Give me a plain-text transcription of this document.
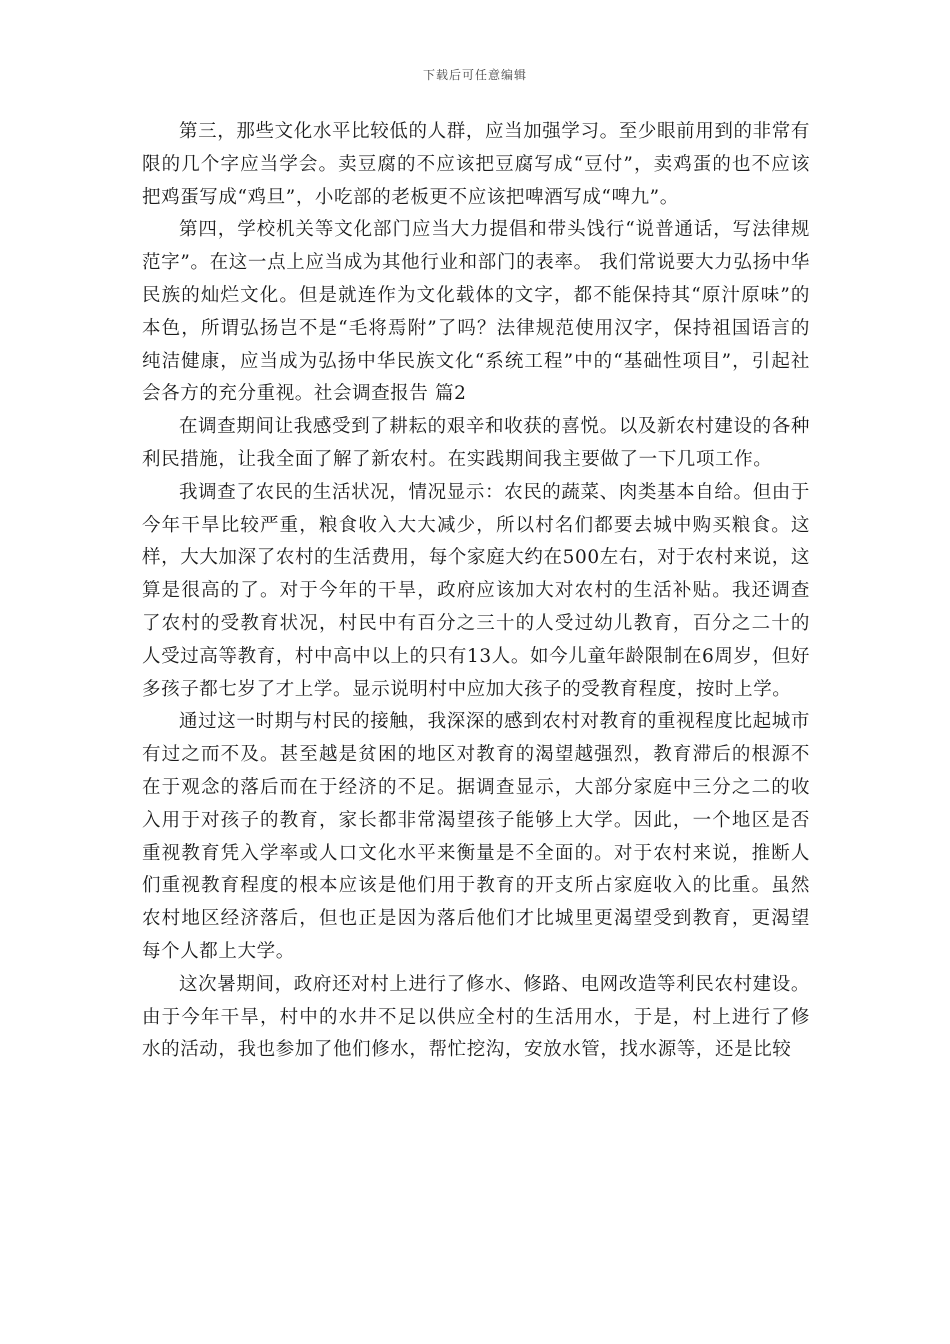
下载后可任意编辑

第三，那些文化水平比较低的人群，应当加强学习。至少眼前用到的非常有限的几个字应当学会。卖豆腐的不应该把豆腐写成“豆付”，卖鸡蛋的也不应该把鸡蛋写成“鸡旦”，小吃部的老板更不应该把啤酒写成“啤九”。

第四，学校机关等文化部门应当大力提倡和带头饯行“说普通话，写法律规范字”。在这一点上应当成为其他行业和部门的表率。 我们常说要大力弘扬中华民族的灿烂文化。但是就连作为文化载体的文字，都不能保持其“原汁原味”的本色，所谓弘扬岂不是“毛将焉附”了吗？法律规范使用汉字，保持祖国语言的纯洁健康，应当成为弘扬中华民族文化“系统工程”中的“基础性项目”，引起社会各方的充分重视。社会调查报告 篇2

在调查期间让我感受到了耕耘的艰辛和收获的喜悦。以及新农村建设的各种利民措施，让我全面了解了新农村。在实践期间我主要做了一下几项工作。

我调查了农民的生活状况，情况显示：农民的蔬菜、肉类基本自给。但由于今年干旱比较严重，粮食收入大大减少，所以村名们都要去城中购买粮食。这样，大大加深了农村的生活费用，每个家庭大约在500左右，对于农村来说，这算是很高的了。对于今年的干旱，政府应该加大对农村的生活补贴。我还调查了农村的受教育状况，村民中有百分之三十的人受过幼儿教育，百分之二十的人受过高等教育，村中高中以上的只有13人。如今儿童年龄限制在6周岁，但好多孩子都七岁了才上学。显示说明村中应加大孩子的受教育程度，按时上学。

通过这一时期与村民的接触，我深深的感到农村对教育的重视程度比起城市有过之而不及。甚至越是贫困的地区对教育的渴望越强烈，教育滞后的根源不在于观念的落后而在于经济的不足。据调查显示，大部分家庭中三分之二的收入用于对孩子的教育，家长都非常渴望孩子能够上大学。因此，一个地区是否重视教育凭入学率或人口文化水平来衡量是不全面的。对于农村来说，推断人们重视教育程度的根本应该是他们用于教育的开支所占家庭收入的比重。虽然农村地区经济落后，但也正是因为落后他们才比城里更渴望受到教育，更渴望每个人都上大学。

这次暑期间，政府还对村上进行了修水、修路、电网改造等利民农村建设。由于今年干旱，村中的水井不足以供应全村的生活用水，于是，村上进行了修水的活动，我也参加了他们修水，帮忙挖沟，安放水管，找水源等，还是比较
